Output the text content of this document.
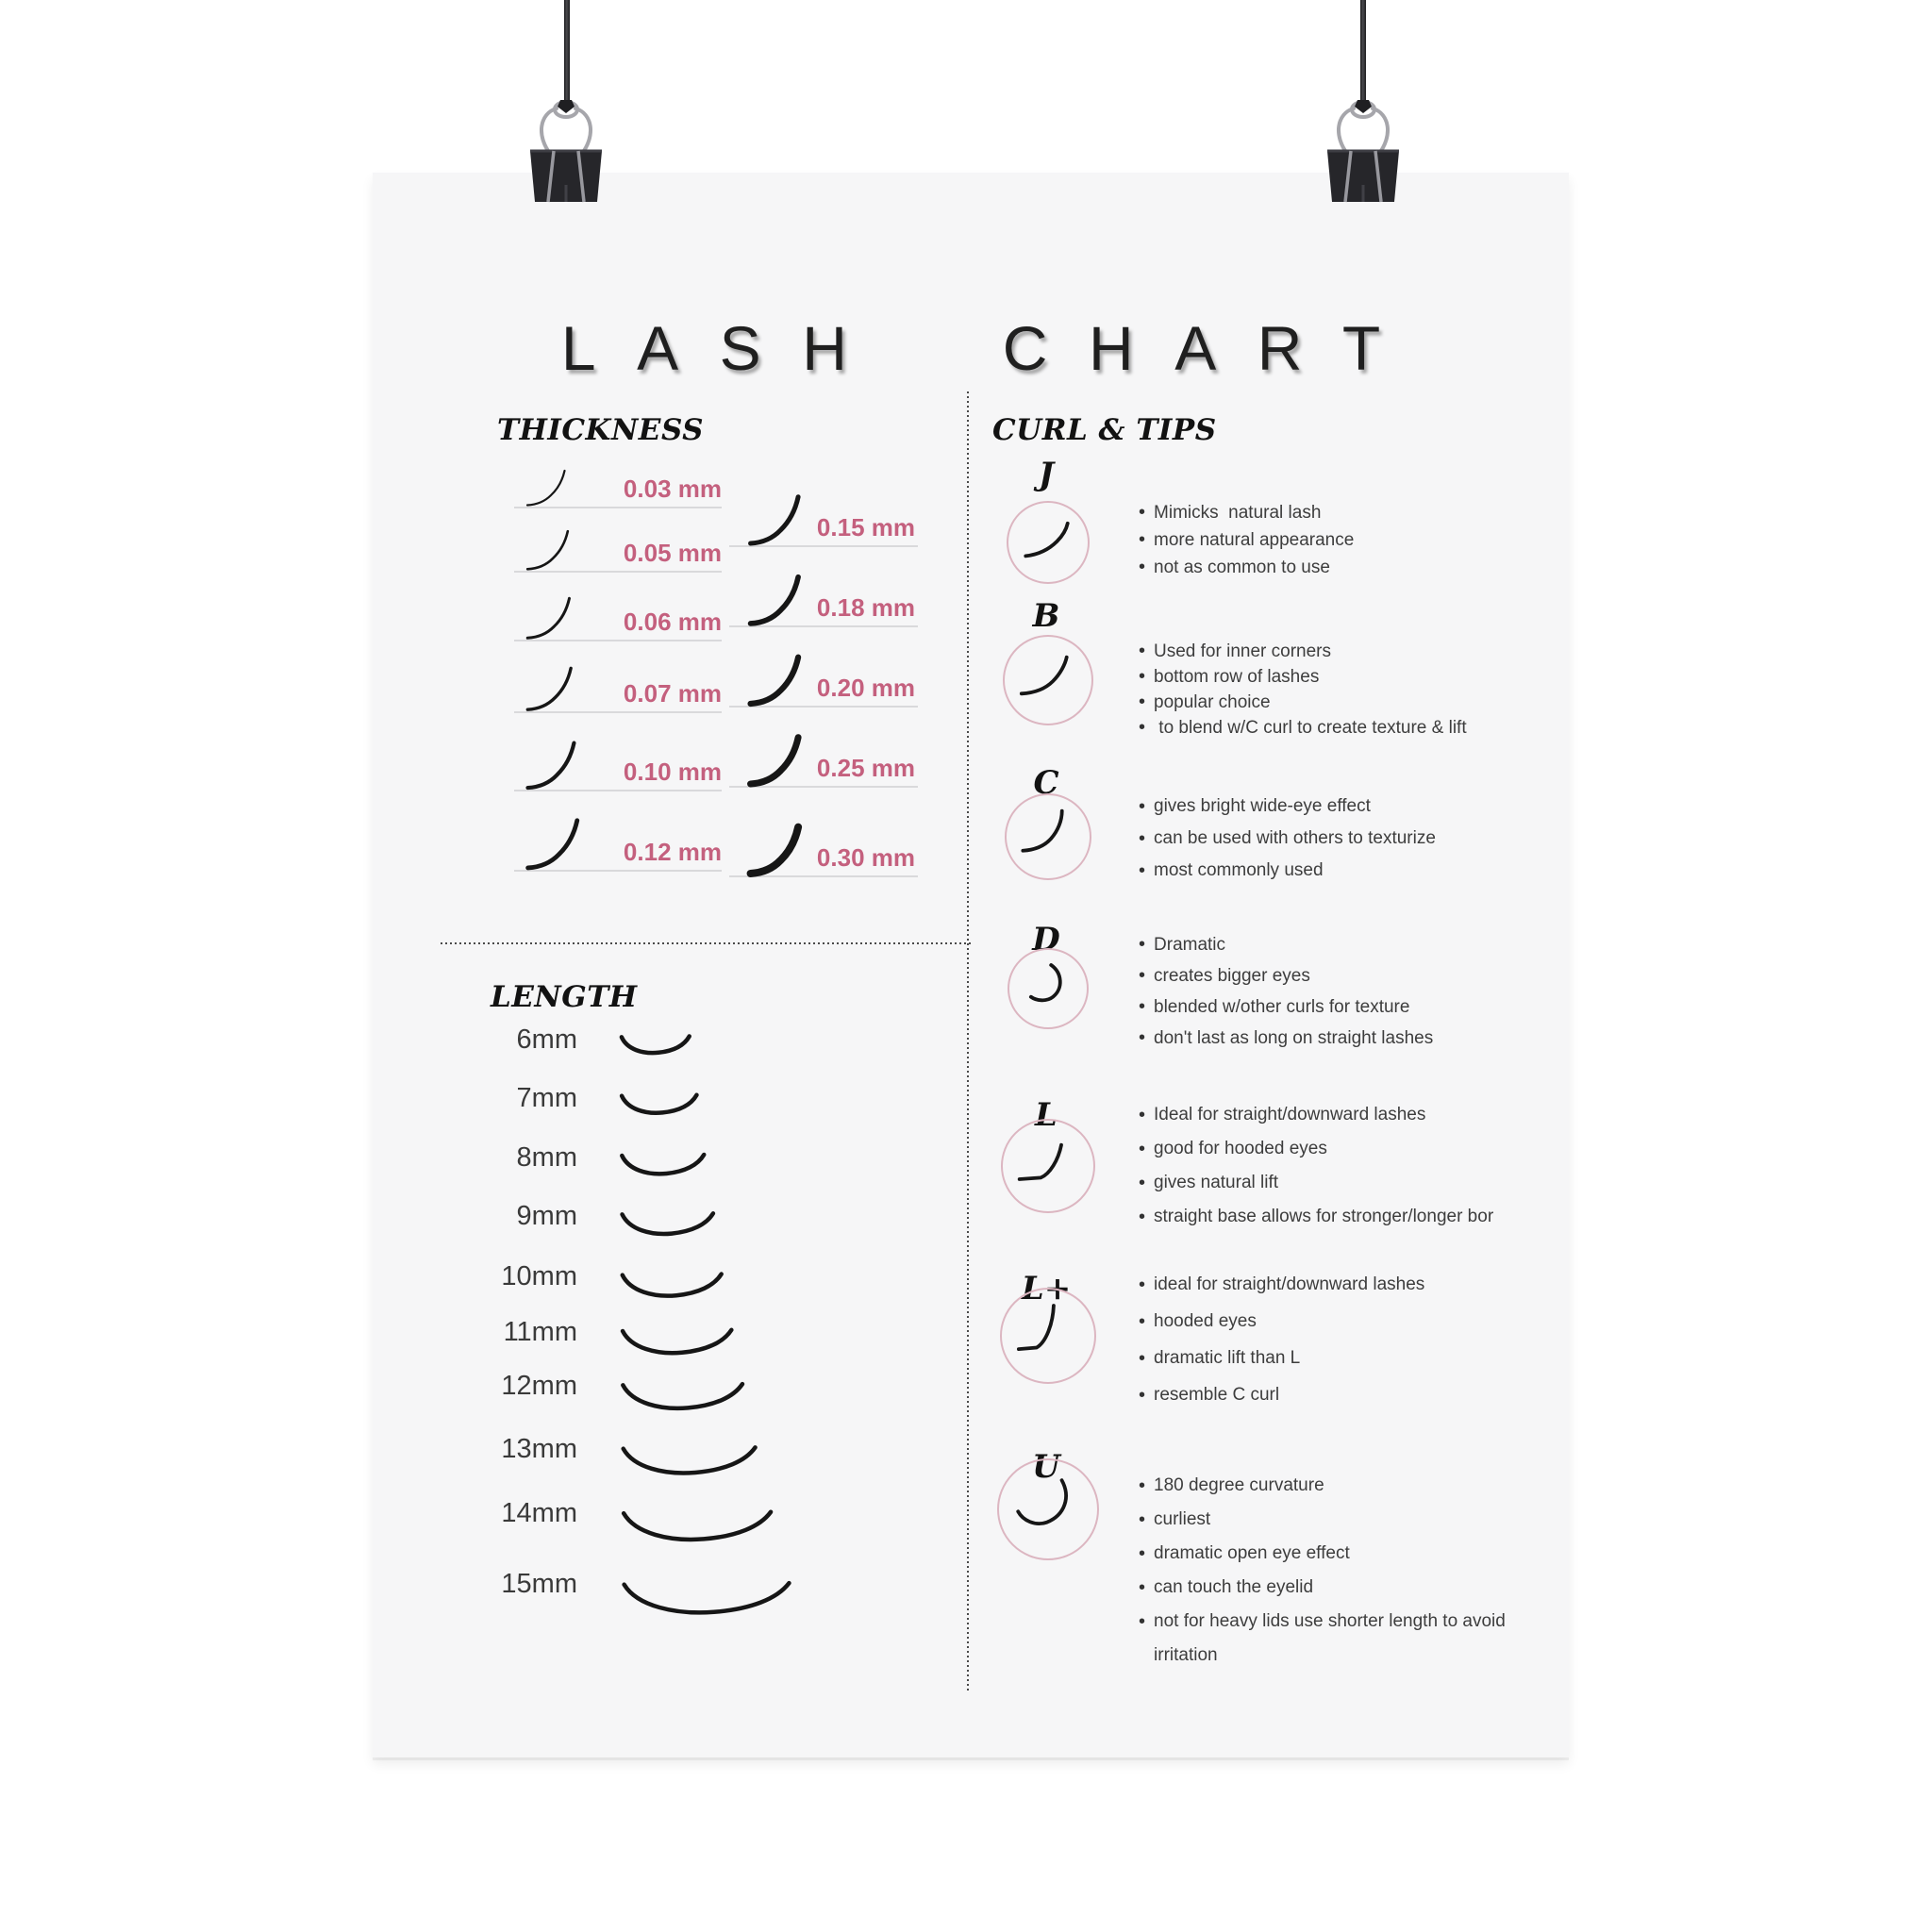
LASH CHART
THICKNESS	CURL & TIPS
LENGTH
0.03 mm
0.05 mm
0.06 mm
0.07 mm
0.10 mm
0.12 mm
0.15 mm
0.18 mm
0.20 mm
0.25 mm
0.30 mm
6mm
7mm
8mm
9mm
10mm
11mm
12mm
13mm
14mm
15mm
J
• Mimicks  natural lash
• more natural appearance
• not as common to use
B
• Used for inner corners
• bottom row of lashes
• popular choice
• to blend w/C curl to create texture & lift
C
• gives bright wide-eye effect
• can be used with others to texturize
• most commonly used
D	• Dramatic
• creates bigger eyes
• blended w/other curls for texture
• don't last as long on straight lashes
L	• Ideal for straight/downward lashes
• good for hooded eyes
• gives natural lift
• straight base allows for stronger/longer bor
L+	• ideal for straight/downward lashes
• hooded eyes
• dramatic lift than L
• resemble C curl
U	• 180 degree curvature
• curliest
• dramatic open eye effect
• can touch the eyelid
• not for heavy lids use shorter length to avoid irritation
